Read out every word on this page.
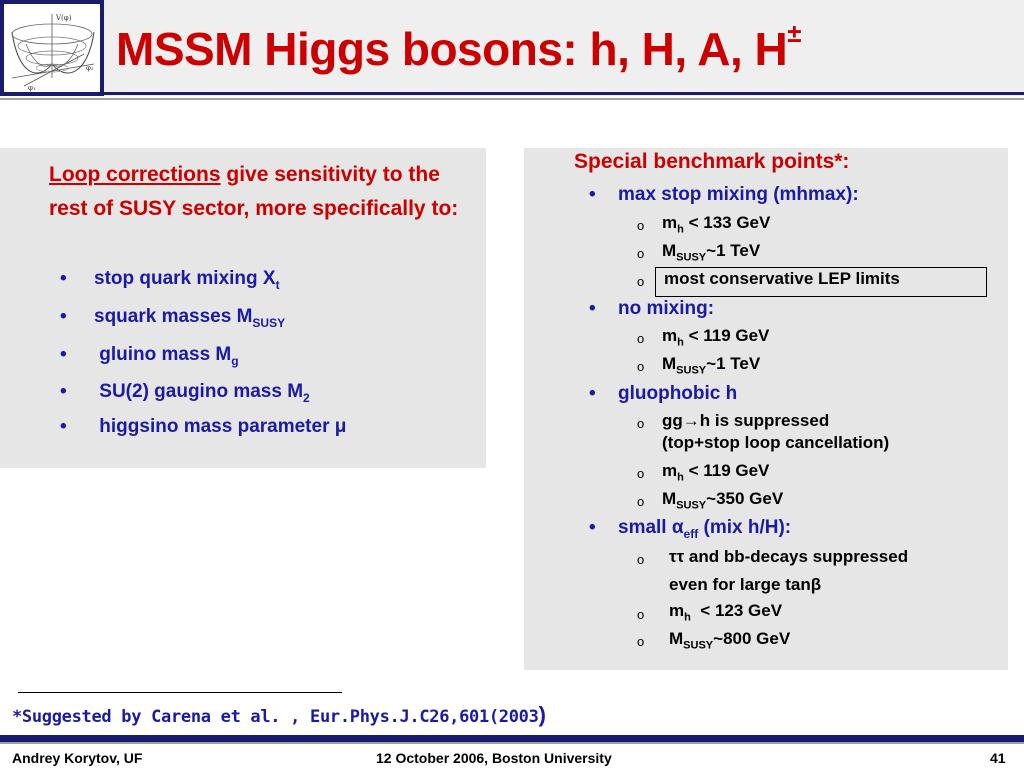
V(φ)
φ₂
φ₁
MSSM Higgs bosons: h, H, A, H±
Loop corrections give sensitivity to the rest of SUSY sector, more specifically to:
• stop quark mixing $X_t$
• squark masses $M_{SUSY}$
• gluino mass $M_g$
• SU(2) gaugino mass $M_2$
• higgsino mass parameter μ
Special benchmark points*:
• max stop mixing (mhmax):
o $m_h < 133$ GeV
o $M_{SUSY}\sim 1$ TeV
o most conservative LEP limits
• no mixing:
o $m_h < 119$ GeV
o $M_{SUSY}\sim 1$ TeV
• gluophobic h
o gg→h is suppressed
(top+stop loop cancellation)
o $m_h < 119$ GeV
o $M_{SUSY}\sim 350$ GeV
• small $\alpha_{eff}$ (mix h/H):
o ττ and bb-decays suppressed
even for large tanβ
o $m_h < 123$ GeV
o $M_{SUSY}\sim 800$ GeV
*Suggested by Carena et al. , Eur.Phys.J.C26,601(2003)
Andrey Korytov, UF	12 October 2006, Boston University	41
